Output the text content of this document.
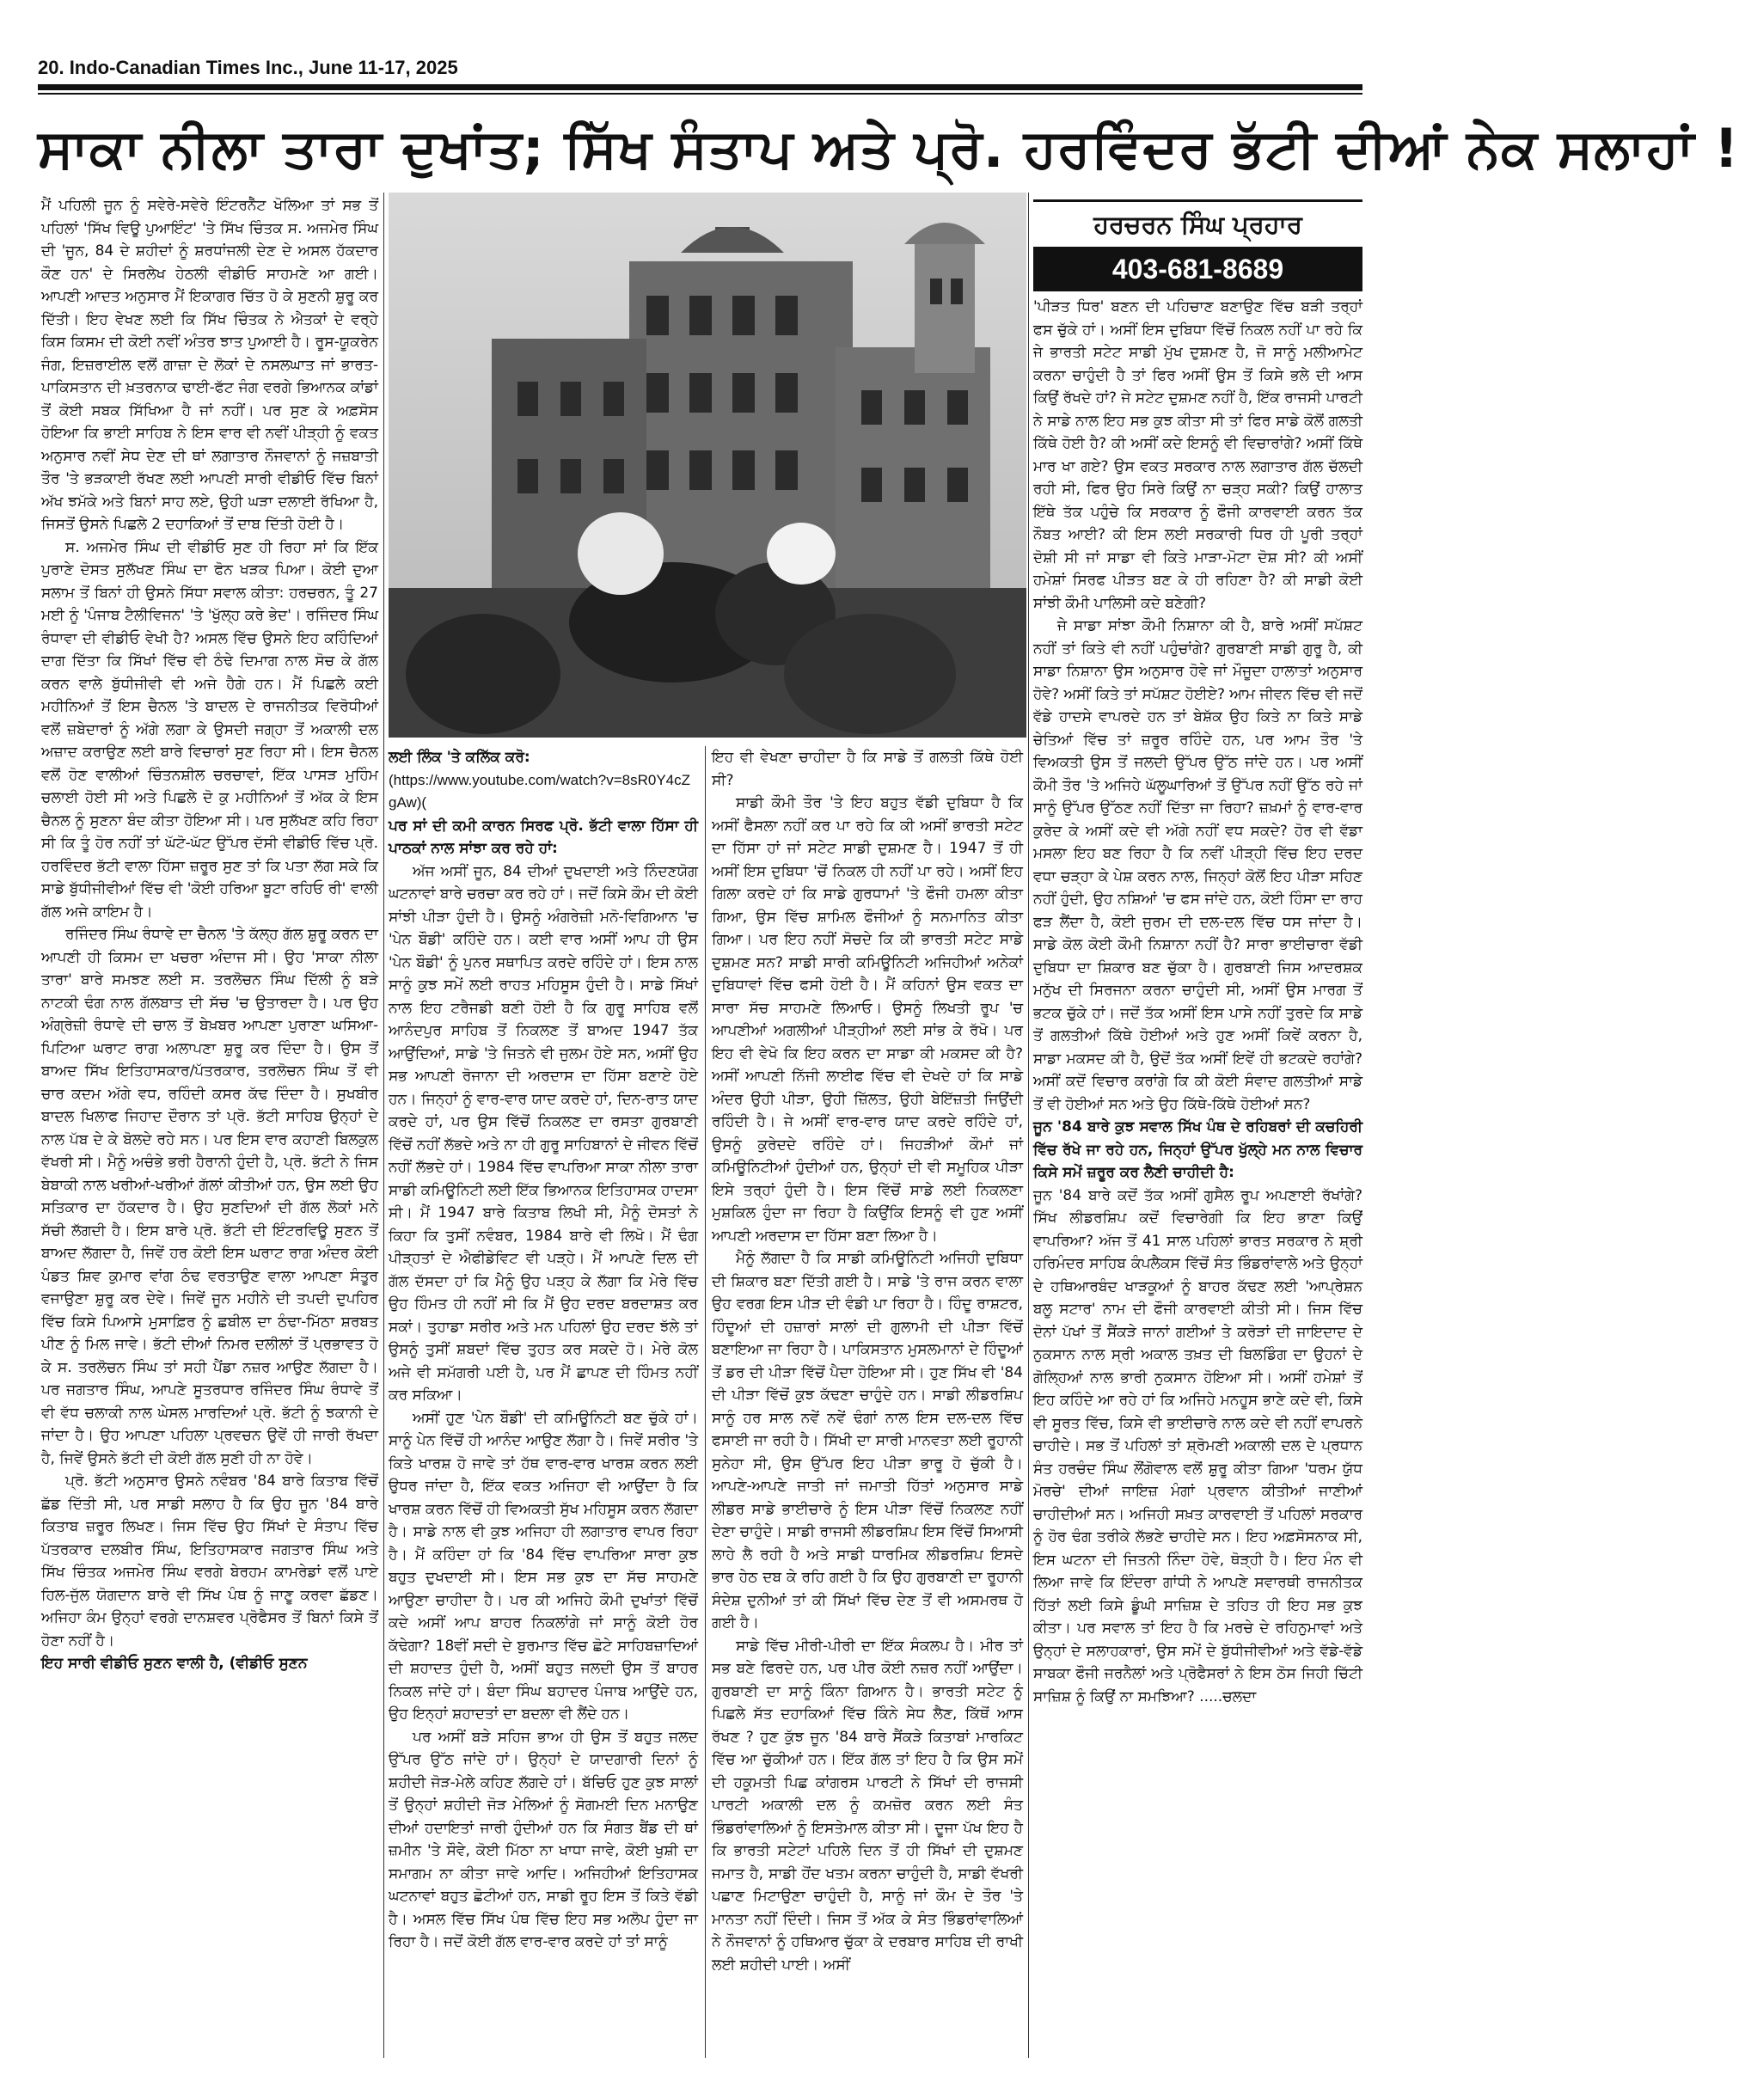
20. Indo-Canadian Times Inc., June 11-17, 2025
ਸਾਕਾ ਨੀਲਾ ਤਾਰਾ ਦੁਖਾਂਤ; ਸਿੱਖ ਸੰਤਾਪ ਅਤੇ ਪ੍ਰੋ. ਹਰਵਿੰਦਰ ਭੱਟੀ ਦੀਆਂ ਨੇਕ ਸਲਾਹਾਂ !

ਮੈਂ ਪਹਿਲੀ ਜੂਨ ਨੂੰ ਸਵੇਰੇ-ਸਵੇਰੇ ਇੰਟਰਨੈੱਟ ਖੋਲਿਆ ਤਾਂ ਸਭ ਤੋਂ ਪਹਿਲਾਂ 'ਸਿੱਖ ਵਿਊ ਪੁਆਇੰਟ' 'ਤੇ ਸਿੱਖ ਚਿੰਤਕ ਸ. ਅਜਮੇਰ ਸਿੰਘ ਦੀ 'ਜੂਨ, 84 ਦੇ ਸ਼ਹੀਦਾਂ ਨੂੰ ਸ਼ਰਧਾਂਜਲੀ ਦੇਣ ਦੇ ਅਸਲ ਹੱਕਦਾਰ ਕੌਣ ਹਨ' ਦੇ ਸਿਰਲੇਖ ਹੇਠਲੀ ਵੀਡੀਓ ਸਾਹਮਣੇ ਆ ਗਈ। ਆਪਣੀ ਆਦਤ ਅਨੁਸਾਰ ਮੈਂ ਇਕਾਗਰ ਚਿੱਤ ਹੋ ਕੇ ਸੁਣਨੀ ਸ਼ੁਰੂ ਕਰ ਦਿੱਤੀ। ਇਹ ਵੇਖਣ ਲਈ ਕਿ ਸਿੱਖ ਚਿੰਤਕ ਨੇ ਐਤਕਾਂ ਦੇ ਵਰ੍ਹੇ ਕਿਸ ਕਿਸਮ ਦੀ ਕੋਈ ਨਵੀਂ ਅੰਤਰ ਝਾਤ ਪੁਆਈ ਹੈ। ਰੂਸ-ਯੂਕਰੇਨ ਜੰਗ, ਇਜ਼ਰਾਈਲ ਵਲੋਂ ਗਾਜ਼ਾ ਦੇ ਲੋਕਾਂ ਦੇ ਨਸਲਘਾਤ ਜਾਂ ਭਾਰਤ-ਪਾਕਿਸਤਾਨ ਦੀ ਖ਼ਤਰਨਾਕ ਢਾਈ-ਫੱਟ ਜੰਗ ਵਰਗੇ ਭਿਆਨਕ ਕਾਂਡਾਂ ਤੋਂ ਕੋਈ ਸਬਕ ਸਿੱਖਿਆ ਹੈ ਜਾਂ ਨਹੀਂ। ਪਰ ਸੁਣ ਕੇ ਅਫ਼ਸੋਸ ਹੋਇਆ ਕਿ ਭਾਈ ਸਾਹਿਬ ਨੇ ਇਸ ਵਾਰ ਵੀ ਨਵੀਂ ਪੀੜ੍ਹੀ ਨੂੰ ਵਕਤ ਅਨੁਸਾਰ ਨਵੀਂ ਸੇਧ ਦੇਣ ਦੀ ਥਾਂ ਲਗਾਤਾਰ ਨੌਜਵਾਨਾਂ ਨੂੰ ਜਜ਼ਬਾਤੀ ਤੌਰ 'ਤੇ ਭੜਕਾਈ ਰੱਖਣ ਲਈ ਆਪਣੀ ਸਾਰੀ ਵੀਡੀਓ ਵਿੱਚ ਬਿਨਾਂ ਅੱਖ ਝਮੱਕੇ ਅਤੇ ਬਿਨਾਂ ਸਾਹ ਲਏ, ਉਹੀ ਘੜਾ ਦਲਾਈ ਰੱਖਿਆ ਹੈ, ਜਿਸਤੋਂ ਉਸਨੇ ਪਿਛਲੇ 2 ਦਹਾਕਿਆਂ ਤੋਂ ਦਾਬ ਦਿੱਤੀ ਹੋਈ ਹੈ।

ਸ. ਅਜਮੇਰ ਸਿੰਘ ਦੀ ਵੀਡੀਓ ਸੁਣ ਹੀ ਰਿਹਾ ਸਾਂ ਕਿ ਇੱਕ ਪੁਰਾਣੇ ਦੋਸਤ ਸੁਲੱਖਣ ਸਿੰਘ ਦਾ ਫੋਨ ਖੜਕ ਪਿਆ। ਕੋਈ ਦੁਆ ਸਲਾਮ ਤੋਂ ਬਿਨਾਂ ਹੀ ਉਸਨੇ ਸਿੱਧਾ ਸਵਾਲ ਕੀਤਾ: ਹਰਚਰਨ, ਤੂੰ 27 ਮਈ ਨੂੰ 'ਪੰਜਾਬ ਟੈਲੀਵਿਜਨ' 'ਤੇ 'ਖੁੱਲ੍ਹ ਕਰੇ ਭੇਦ'। ਰਜਿੰਦਰ ਸਿੰਘ ਰੰਧਾਵਾ ਦੀ ਵੀਡੀਓ ਵੇਖੀ ਹੈ? ਅਸਲ ਵਿੱਚ ਉਸਨੇ ਇਹ ਕਹਿੰਦਿਆਂ ਦਾਗ ਦਿੱਤਾ ਕਿ ਸਿੱਖਾਂ ਵਿੱਚ ਵੀ ਠੰਢੇ ਦਿਮਾਗ ਨਾਲ ਸੋਚ ਕੇ ਗੱਲ ਕਰਨ ਵਾਲੇ ਬੁੱਧੀਜੀਵੀ ਵੀ ਅਜੇ ਹੈਗੇ ਹਨ। ਮੈਂ ਪਿਛਲੇ ਕਈ ਮਹੀਨਿਆਂ ਤੋਂ ਇਸ ਚੈਨਲ 'ਤੇ ਬਾਦਲ ਦੇ ਰਾਜਨੀਤਕ ਵਿਰੋਧੀਆਂ ਵਲੋਂ ਜ਼ਬੇਦਾਰਾਂ ਨੂੰ ਅੱਗੇ ਲਗਾ ਕੇ ਉਸਦੀ ਜਗ੍ਹਾ ਤੋਂ ਅਕਾਲੀ ਦਲ ਅਜ਼ਾਦ ਕਰਾਉਣ ਲਈ ਬਾਰੇ ਵਿਚਾਰਾਂ ਸੁਣ ਰਿਹਾ ਸੀ। ਇਸ ਚੈਨਲ ਵਲੋਂ ਹੋਣ ਵਾਲੀਆਂ ਚਿੰਤਨਸ਼ੀਲ ਚਰਚਾਵਾਂ, ਇੱਕ ਪਾਸੜ ਮੁਹਿੰਮ ਚਲਾਈ ਹੋਈ ਸੀ ਅਤੇ ਪਿਛਲੇ ਦੋ ਕੁ ਮਹੀਨਿਆਂ ਤੋਂ ਅੱਕ ਕੇ ਇਸ ਚੈਨਲ ਨੂੰ ਸੁਣਨਾ ਬੰਦ ਕੀਤਾ ਹੋਇਆ ਸੀ। ਪਰ ਸੁਲੱਖਣ ਕਹਿ ਰਿਹਾ ਸੀ ਕਿ ਤੂੰ ਹੋਰ ਨਹੀਂ ਤਾਂ ਘੱਟੋ-ਘੱਟ ਉੱਪਰ ਦੱਸੀ ਵੀਡੀਓ ਵਿੱਚ ਪ੍ਰੋ. ਹਰਵਿੰਦਰ ਭੱਟੀ ਵਾਲਾ ਹਿੱਸਾ ਜ਼ਰੂਰ ਸੁਣ ਤਾਂ ਕਿ ਪਤਾ ਲੱਗ ਸਕੇ ਕਿ ਸਾਡੇ ਬੁੱਧੀਜੀਵੀਆਂ ਵਿੱਚ ਵੀ 'ਕੋਈ ਹਰਿਆ ਬੂਟਾ ਰਹਿਓ ਰੀ' ਵਾਲੀ ਗੱਲ ਅਜੇ ਕਾਇਮ ਹੈ।

ਰਜਿੰਦਰ ਸਿੰਘ ਰੰਧਾਵੇ ਦਾ ਚੈਨਲ 'ਤੇ ਕੱਲ੍ਹ ਗੱਲ ਸ਼ੁਰੂ ਕਰਨ ਦਾ ਆਪਣੀ ਹੀ ਕਿਸਮ ਦਾ ਖਚਰਾ ਅੰਦਾਜ ਸੀ। ਉਹ 'ਸਾਕਾ ਨੀਲਾ ਤਾਰਾ' ਬਾਰੇ ਸਮਝਣ ਲਈ ਸ. ਤਰਲੋਚਨ ਸਿੰਘ ਦਿੱਲੀ ਨੂੰ ਬੜੇ ਨਾਟਕੀ ਢੰਗ ਨਾਲ ਗੱਲਬਾਤ ਦੀ ਸੱਚ 'ਚ ਉਤਾਰਦਾ ਹੈ। ਪਰ ਉਹ ਅੰਗ੍ਰੇਜ਼ੀ ਰੰਧਾਵੇ ਦੀ ਚਾਲ ਤੋਂ ਬੇਖ਼ਬਰ ਆਪਣਾ ਪੁਰਾਣਾ ਘਸਿਆ-ਪਿਟਿਆ ਘਰਾਟ ਰਾਗ ਅਲਾਪਣਾ ਸ਼ੁਰੂ ਕਰ ਦਿੰਦਾ ਹੈ। ਉਸ ਤੋਂ ਬਾਅਦ ਸਿੱਖ ਇਤਿਹਾਸਕਾਰ/ਪੱਤਰਕਾਰ, ਤਰਲੋਚਨ ਸਿੰਘ ਤੋਂ ਵੀ ਚਾਰ ਕਦਮ ਅੱਗੇ ਵਧ, ਰਹਿੰਦੀ ਕਸਰ ਕੱਢ ਦਿੰਦਾ ਹੈ। ਸੁਖਬੀਰ ਬਾਦਲ ਖਿਲਾਫ ਜਿਹਾਦ ਦੌਰਾਨ ਤਾਂ ਪ੍ਰੋ. ਭੱਟੀ ਸਾਹਿਬ ਉਨ੍ਹਾਂ ਦੇ ਨਾਲ ਪੱਬ ਦੇ ਕੇ ਬੋਲਦੇ ਰਹੇ ਸਨ। ਪਰ ਇਸ ਵਾਰ ਕਹਾਣੀ ਬਿਲਕੁਲ ਵੱਖਰੀ ਸੀ। ਮੈਨੂੰ ਅਚੰਭੇ ਭਰੀ ਹੈਰਾਨੀ ਹੁੰਦੀ ਹੈ, ਪ੍ਰੋ. ਭੱਟੀ ਨੇ ਜਿਸ ਬੇਬਾਕੀ ਨਾਲ ਖਰੀਆਂ-ਖਰੀਆਂ ਗੱਲਾਂ ਕੀਤੀਆਂ ਹਨ, ਉਸ ਲਈ ਉਹ ਸਤਿਕਾਰ ਦਾ ਹੱਕਦਾਰ ਹੈ। ਉਹ ਸੁਣਦਿਆਂ ਦੀ ਗੱਲ ਲੋਕਾਂ ਮਨੇ ਸੱਚੀ ਲੱਗਦੀ ਹੈ। ਇਸ ਬਾਰੇ ਪ੍ਰੋ. ਭੱਟੀ ਦੀ ਇੰਟਰਵਿਊ ਸੁਣਨ ਤੋਂ ਬਾਅਦ ਲੱਗਦਾ ਹੈ, ਜਿਵੇਂ ਹਰ ਕੋਈ ਇਸ ਘਰਾਟ ਰਾਗ ਅੰਦਰ ਕੋਈ ਪੰਡਤ ਸ਼ਿਵ ਕੁਮਾਰ ਵਾਂਗ ਠੰਢ ਵਰਤਾਉਣ ਵਾਲਾ ਆਪਣਾ ਸੰਤੂਰ ਵਜਾਉਣਾ ਸ਼ੁਰੂ ਕਰ ਦੇਵੇ। ਜਿਵੇਂ ਜੂਨ ਮਹੀਨੇ ਦੀ ਤਪਦੀ ਦੁਪਹਿਰ ਵਿੱਚ ਕਿਸੇ ਪਿਆਸੇ ਮੁਸਾਫ਼ਿਰ ਨੂੰ ਛਬੀਲ ਦਾ ਠੰਢਾ-ਮਿੱਠਾ ਸ਼ਰਬਤ ਪੀਣ ਨੂੰ ਮਿਲ ਜਾਵੇ। ਭੱਟੀ ਦੀਆਂ ਨਿਮਰ ਦਲੀਲਾਂ ਤੋਂ ਪ੍ਰਭਾਵਤ ਹੋ ਕੇ ਸ. ਤਰਲੋਚਨ ਸਿੰਘ ਤਾਂ ਸਹੀ ਪੈਂਡਾ ਨਜ਼ਰ ਆਉਣ ਲੱਗਦਾ ਹੈ। ਪਰ ਜਗਤਾਰ ਸਿੰਘ, ਆਪਣੇ ਸੂਤਰਧਾਰ ਰਜਿੰਦਰ ਸਿੰਘ ਰੰਧਾਵੇ ਤੋਂ ਵੀ ਵੱਧ ਚਲਾਕੀ ਨਾਲ ਘੇਸਲ ਮਾਰਦਿਆਂ ਪ੍ਰੋ. ਭੱਟੀ ਨੂੰ ਝਕਾਨੀ ਦੇ ਜਾਂਦਾ ਹੈ। ਉਹ ਆਪਣਾ ਪਹਿਲਾ ਪ੍ਰਵਚਨ ਉਵੇਂ ਹੀ ਜਾਰੀ ਰੱਖਦਾ ਹੈ, ਜਿਵੇਂ ਉਸਨੇ ਭੱਟੀ ਦੀ ਕੋਈ ਗੱਲ ਸੁਣੀ ਹੀ ਨਾ ਹੋਵੇ।

ਪ੍ਰੋ. ਭੱਟੀ ਅਨੁਸਾਰ ਉਸਨੇ ਨਵੰਬਰ '84 ਬਾਰੇ ਕਿਤਾਬ ਵਿੱਚੋਂ ਛੱਡ ਦਿੱਤੀ ਸੀ, ਪਰ ਸਾਡੀ ਸਲਾਹ ਹੈ ਕਿ ਉਹ ਜੂਨ '84 ਬਾਰੇ ਕਿਤਾਬ ਜ਼ਰੂਰ ਲਿਖਣ। ਜਿਸ ਵਿੱਚ ਉਹ ਸਿੱਖਾਂ ਦੇ ਸੰਤਾਪ ਵਿੱਚ ਪੱਤਰਕਾਰ ਦਲਬੀਰ ਸਿੰਘ, ਇਤਿਹਾਸਕਾਰ ਜਗਤਾਰ ਸਿੰਘ ਅਤੇ ਸਿੱਖ ਚਿੰਤਕ ਅਜਮੇਰ ਸਿੰਘ ਵਰਗੇ ਬੇਰਹਮ ਕਾਮਰੇਡਾਂ ਵਲੋਂ ਪਾਏ ਹਿਲ-ਜੁੱਲ ਯੋਗਦਾਨ ਬਾਰੇ ਵੀ ਸਿੱਖ ਪੰਥ ਨੂੰ ਜਾਣੂ ਕਰਵਾ ਛੱਡਣ। ਅਜਿਹਾ ਕੰਮ ਉਨ੍ਹਾਂ ਵਰਗੇ ਦਾਨਸ਼ਵਰ ਪ੍ਰੋਫੈਸਰ ਤੋਂ ਬਿਨਾਂ ਕਿਸੇ ਤੋਂ ਹੋਣਾ ਨਹੀਂ ਹੈ।

ਇਹ ਸਾਰੀ ਵੀਡੀਓ ਸੁਣਨ ਵਾਲੀ ਹੈ, (ਵੀਡੀਓ ਸੁਣਨ

ਹਰਚਰਨ ਸਿੰਘ ਪ੍ਰਹਾਰ
403-681-8689

ਲਈ ਲਿੰਕ 'ਤੇ ਕਲਿੱਕ ਕਰੋ:

(https://www.youtube.com/watch?v=8sR0Y4cZgAw)(

ਪਰ ਸਾਂ ਦੀ ਕਮੀ ਕਾਰਨ ਸਿਰਫ ਪ੍ਰੋ. ਭੱਟੀ ਵਾਲਾ ਹਿੱਸਾ ਹੀ ਪਾਠਕਾਂ ਨਾਲ ਸਾਂਝਾ ਕਰ ਰਹੇ ਹਾਂ:

ਅੱਜ ਅਸੀਂ ਜੂਨ, 84 ਦੀਆਂ ਦੁਖਦਾਈ ਅਤੇ ਨਿੰਦਣਯੋਗ ਘਟਨਾਵਾਂ ਬਾਰੇ ਚਰਚਾ ਕਰ ਰਹੇ ਹਾਂ। ਜਦੋਂ ਕਿਸੇ ਕੌਮ ਦੀ ਕੋਈ ਸਾਂਝੀ ਪੀੜਾ ਹੁੰਦੀ ਹੈ। ਉਸਨੂੰ ਅੰਗਰੇਜ਼ੀ ਮਨੋ-ਵਿਗਿਆਨ 'ਚ 'ਪੇਨ ਬੌਡੀ' ਕਹਿੰਦੇ ਹਨ। ਕਈ ਵਾਰ ਅਸੀਂ ਆਪ ਹੀ ਉਸ 'ਪੇਨ ਬੌਡੀ' ਨੂੰ ਪੁਨਰ ਸਥਾਪਿਤ ਕਰਦੇ ਰਹਿੰਦੇ ਹਾਂ। ਇਸ ਨਾਲ ਸਾਨੂੰ ਕੁਝ ਸਮੇਂ ਲਈ ਰਾਹਤ ਮਹਿਸੂਸ ਹੁੰਦੀ ਹੈ। ਸਾਡੇ ਸਿੱਖਾਂ ਨਾਲ ਇਹ ਟਰੈਜਡੀ ਬਣੀ ਹੋਈ ਹੈ ਕਿ ਗੁਰੂ ਸਾਹਿਬ ਵਲੋਂ ਆਨੰਦਪੁਰ ਸਾਹਿਬ ਤੋਂ ਨਿਕਲਣ ਤੋਂ ਬਾਅਦ 1947 ਤੱਕ ਆਉਂਦਿਆਂ, ਸਾਡੇ 'ਤੇ ਜਿਤਨੇ ਵੀ ਜੁਲਮ ਹੋਏ ਸਨ, ਅਸੀਂ ਉਹ ਸਭ ਆਪਣੀ ਰੋਜਾਨਾ ਦੀ ਅਰਦਾਸ ਦਾ ਹਿੱਸਾ ਬਣਾਏ ਹੋਏ ਹਨ। ਜਿਨ੍ਹਾਂ ਨੂੰ ਵਾਰ-ਵਾਰ ਯਾਦ ਕਰਦੇ ਹਾਂ, ਦਿਨ-ਰਾਤ ਯਾਦ ਕਰਦੇ ਹਾਂ, ਪਰ ਉਸ ਵਿੱਚੋਂ ਨਿਕਲਣ ਦਾ ਰਸਤਾ ਗੁਰਬਾਣੀ ਵਿੱਚੋਂ ਨਹੀਂ ਲੱਭਦੇ ਅਤੇ ਨਾ ਹੀ ਗੁਰੂ ਸਾਹਿਬਾਨਾਂ ਦੇ ਜੀਵਨ ਵਿੱਚੋਂ ਨਹੀਂ ਲੱਭਦੇ ਹਾਂ। 1984 ਵਿੱਚ ਵਾਪਰਿਆ ਸਾਕਾ ਨੀਲਾ ਤਾਰਾ ਸਾਡੀ ਕਮਿਊਨਿਟੀ ਲਈ ਇੱਕ ਭਿਆਨਕ ਇਤਿਹਾਸਕ ਹਾਦਸਾ ਸੀ। ਮੈਂ 1947 ਬਾਰੇ ਕਿਤਾਬ ਲਿਖੀ ਸੀ, ਮੈਨੂੰ ਦੋਸਤਾਂ ਨੇ ਕਿਹਾ ਕਿ ਤੁਸੀਂ ਨਵੰਬਰ, 1984 ਬਾਰੇ ਵੀ ਲਿਖੋ। ਮੈਂ ਢੰਗ ਪੀੜ੍ਹਤਾਂ ਦੇ ਐਫੀਡੇਵਿਟ ਵੀ ਪੜ੍ਹੇ। ਮੈਂ ਆਪਣੇ ਦਿਲ ਦੀ ਗੱਲ ਦੱਸਦਾ ਹਾਂ ਕਿ ਮੈਨੂੰ ਉਹ ਪੜ੍ਹ ਕੇ ਲੱਗਾ ਕਿ ਮੇਰੇ ਵਿੱਚ ਉਹ ਹਿੰਮਤ ਹੀ ਨਹੀਂ ਸੀ ਕਿ ਮੈਂ ਉਹ ਦਰਦ ਬਰਦਾਸ਼ਤ ਕਰ ਸਕਾਂ। ਤੁਹਾਡਾ ਸਰੀਰ ਅਤੇ ਮਨ ਪਹਿਲਾਂ ਉਹ ਦਰਦ ਝੱਲੇ ਤਾਂ ਉਸਨੂੰ ਤੁਸੀਂ ਸ਼ਬਦਾਂ ਵਿੱਚ ਤੁਹਤ ਕਰ ਸਕਦੇ ਹੋ। ਮੇਰੇ ਕੋਲ ਅਜੇ ਵੀ ਸਮੱਗਰੀ ਪਈ ਹੈ, ਪਰ ਮੈਂ ਛਾਪਣ ਦੀ ਹਿੰਮਤ ਨਹੀਂ ਕਰ ਸਕਿਆ।

ਅਸੀਂ ਹੁਣ 'ਪੇਨ ਬੌਡੀ' ਦੀ ਕਮਿਊਨਿਟੀ ਬਣ ਚੁੱਕੇ ਹਾਂ। ਸਾਨੂੰ ਪੇਨ ਵਿੱਚੋਂ ਹੀ ਆਨੰਦ ਆਉਣ ਲੱਗਾ ਹੈ। ਜਿਵੇਂ ਸਰੀਰ 'ਤੇ ਕਿਤੇ ਖਾਰਸ਼ ਹੋ ਜਾਵੇ ਤਾਂ ਹੱਥ ਵਾਰ-ਵਾਰ ਖਾਰਸ਼ ਕਰਨ ਲਈ ਉਧਰ ਜਾਂਦਾ ਹੈ, ਇੱਕ ਵਕਤ ਅਜਿਹਾ ਵੀ ਆਉਂਦਾ ਹੈ ਕਿ ਖਾਰਸ਼ ਕਰਨ ਵਿੱਚੋਂ ਹੀ ਵਿਅਕਤੀ ਸੁੱਖ ਮਹਿਸੂਸ ਕਰਨ ਲੱਗਦਾ ਹੈ। ਸਾਡੇ ਨਾਲ ਵੀ ਕੁਝ ਅਜਿਹਾ ਹੀ ਲਗਾਤਾਰ ਵਾਪਰ ਰਿਹਾ ਹੈ। ਮੈਂ ਕਹਿੰਦਾ ਹਾਂ ਕਿ '84 ਵਿੱਚ ਵਾਪਰਿਆ ਸਾਰਾ ਕੁਝ ਬਹੁਤ ਦੁਖਦਾਈ ਸੀ। ਇਸ ਸਭ ਕੁਝ ਦਾ ਸੱਚ ਸਾਹਮਣੇ ਆਉਣਾ ਚਾਹੀਦਾ ਹੈ। ਪਰ ਕੀ ਅਜਿਹੇ ਕੌਮੀ ਦੁਖਾਂਤਾਂ ਵਿੱਚੋਂ ਕਦੇ ਅਸੀਂ ਆਪ ਬਾਹਰ ਨਿਕਲਾਂਗੇ ਜਾਂ ਸਾਨੂੰ ਕੋਈ ਹੋਰ ਕੱਢੇਗਾ? 18ਵੀਂ ਸਦੀ ਦੇ ਬੁਰਮਾਤ ਵਿੱਚ ਛੋਟੇ ਸਾਹਿਬਜ਼ਾਦਿਆਂ ਦੀ ਸ਼ਹਾਦਤ ਹੁੰਦੀ ਹੈ, ਅਸੀਂ ਬਹੁਤ ਜਲਦੀ ਉਸ ਤੋਂ ਬਾਹਰ ਨਿਕਲ ਜਾਂਦੇ ਹਾਂ। ਬੰਦਾ ਸਿੰਘ ਬਹਾਦਰ ਪੰਜਾਬ ਆਉਂਦੇ ਹਨ, ਉਹ ਇਨ੍ਹਾਂ ਸ਼ਹਾਦਤਾਂ ਦਾ ਬਦਲਾ ਵੀ ਲੈਂਦੇ ਹਨ।

ਪਰ ਅਸੀਂ ਬੜੇ ਸਹਿਜ ਭਾਅ ਹੀ ਉਸ ਤੋਂ ਬਹੁਤ ਜਲਦ ਉੱਪਰ ਉੱਠ ਜਾਂਦੇ ਹਾਂ। ਉਨ੍ਹਾਂ ਦੇ ਯਾਦਗਾਰੀ ਦਿਨਾਂ ਨੂੰ ਸ਼ਹੀਦੀ ਜੋੜ-ਮੇਲੇ ਕਹਿਣ ਲੱਗਦੇ ਹਾਂ। ਬੱਚਿਓ ਹੁਣ ਕੁਝ ਸਾਲਾਂ ਤੋਂ ਉਨ੍ਹਾਂ ਸ਼ਹੀਦੀ ਜੋੜ ਮੇਲਿਆਂ ਨੂੰ ਸੋਗਮਈ ਦਿਨ ਮਨਾਉਣ ਦੀਆਂ ਹਦਾਇਤਾਂ ਜਾਰੀ ਹੁੰਦੀਆਂ ਹਨ ਕਿ ਸੰਗਤ ਬੈਂਡ ਦੀ ਥਾਂ ਜ਼ਮੀਨ 'ਤੇ ਸੌਵੇ, ਕੋਈ ਮਿੱਠਾ ਨਾ ਖਾਧਾ ਜਾਵੇ, ਕੋਈ ਖੁਸ਼ੀ ਦਾ ਸਮਾਗਮ ਨਾ ਕੀਤਾ ਜਾਵੇ ਆਦਿ। ਅਜਿਹੀਆਂ ਇਤਿਹਾਸਕ ਘਟਨਾਵਾਂ ਬਹੁਤ ਛੋਟੀਆਂ ਹਨ, ਸਾਡੀ ਰੂਹ ਇਸ ਤੋਂ ਕਿਤੇ ਵੱਡੀ ਹੈ। ਅਸਲ ਵਿੱਚ ਸਿੱਖ ਪੰਥ ਵਿੱਚ ਇਹ ਸਭ ਅਲੋਪ ਹੁੰਦਾ ਜਾ ਰਿਹਾ ਹੈ। ਜਦੋਂ ਕੋਈ ਗੱਲ ਵਾਰ-ਵਾਰ ਕਰਦੇ ਹਾਂ ਤਾਂ ਸਾਨੂੰ

ਇਹ ਵੀ ਵੇਖਣਾ ਚਾਹੀਦਾ ਹੈ ਕਿ ਸਾਡੇ ਤੋਂ ਗਲਤੀ ਕਿੱਥੇ ਹੋਈ ਸੀ?

ਸਾਡੀ ਕੌਮੀ ਤੌਰ 'ਤੇ ਇਹ ਬਹੁਤ ਵੱਡੀ ਦੁਬਿਧਾ ਹੈ ਕਿ ਅਸੀਂ ਫੈਸਲਾ ਨਹੀਂ ਕਰ ਪਾ ਰਹੇ ਕਿ ਕੀ ਅਸੀਂ ਭਾਰਤੀ ਸਟੇਟ ਦਾ ਹਿੱਸਾ ਹਾਂ ਜਾਂ ਸਟੇਟ ਸਾਡੀ ਦੁਸ਼ਮਣ ਹੈ। 1947 ਤੋਂ ਹੀ ਅਸੀਂ ਇਸ ਦੁਬਿਧਾ 'ਚੋਂ ਨਿਕਲ ਹੀ ਨਹੀਂ ਪਾ ਰਹੇ। ਅਸੀਂ ਇਹ ਗਿਲਾ ਕਰਦੇ ਹਾਂ ਕਿ ਸਾਡੇ ਗੁਰਧਾਮਾਂ 'ਤੇ ਫੌਜੀ ਹਮਲਾ ਕੀਤਾ ਗਿਆ, ਉਸ ਵਿੱਚ ਸ਼ਾਮਿਲ ਫੌਜੀਆਂ ਨੂੰ ਸਨਮਾਨਿਤ ਕੀਤਾ ਗਿਆ। ਪਰ ਇਹ ਨਹੀਂ ਸੋਚਦੇ ਕਿ ਕੀ ਭਾਰਤੀ ਸਟੇਟ ਸਾਡੇ ਦੁਸ਼ਮਣ ਸਨ? ਸਾਡੀ ਸਾਰੀ ਕਮਿਊਨਿਟੀ ਅਜਿਹੀਆਂ ਅਨੇਕਾਂ ਦੁਬਿਧਾਵਾਂ ਵਿੱਚ ਫਸੀ ਹੋਈ ਹੈ। ਮੈਂ ਕਹਿਨਾਂ ਉਸ ਵਕਤ ਦਾ ਸਾਰਾ ਸੱਚ ਸਾਹਮਣੇ ਲਿਆਓ। ਉਸਨੂੰ ਲਿਖਤੀ ਰੂਪ 'ਚ ਆਪਣੀਆਂ ਅਗਲੀਆਂ ਪੀੜ੍ਹੀਆਂ ਲਈ ਸਾਂਭ ਕੇ ਰੱਖੋ। ਪਰ ਇਹ ਵੀ ਵੇਖੋ ਕਿ ਇਹ ਕਰਨ ਦਾ ਸਾਡਾ ਕੀ ਮਕਸਦ ਕੀ ਹੈ? ਅਸੀਂ ਆਪਣੀ ਨਿੱਜੀ ਲਾਈਫ ਵਿੱਚ ਵੀ ਦੇਖਦੇ ਹਾਂ ਕਿ ਸਾਡੇ ਅੰਦਰ ਉਹੀ ਪੀੜਾ, ਉਹੀ ਜ਼ਿੱਲਤ, ਉਹੀ ਬੇਇੱਜ਼ਤੀ ਜਿਉਂਦੀ ਰਹਿੰਦੀ ਹੈ। ਜੇ ਅਸੀਂ ਵਾਰ-ਵਾਰ ਯਾਦ ਕਰਦੇ ਰਹਿੰਦੇ ਹਾਂ, ਉਸਨੂੰ ਕੁਰੇਦਦੇ ਰਹਿੰਦੇ ਹਾਂ। ਜਿਹੜੀਆਂ ਕੌਮਾਂ ਜਾਂ ਕਮਿਊਨਿਟੀਆਂ ਹੁੰਦੀਆਂ ਹਨ, ਉਨ੍ਹਾਂ ਦੀ ਵੀ ਸਮੂਹਿਕ ਪੀੜਾ ਇਸੇ ਤਰ੍ਹਾਂ ਹੁੰਦੀ ਹੈ। ਇਸ ਵਿੱਚੋਂ ਸਾਡੇ ਲਈ ਨਿਕਲਣਾ ਮੁਸ਼ਕਿਲ ਹੁੰਦਾ ਜਾ ਰਿਹਾ ਹੈ ਕਿਉਂਕਿ ਇਸਨੂੰ ਵੀ ਹੁਣ ਅਸੀਂ ਆਪਣੀ ਅਰਦਾਸ ਦਾ ਹਿੱਸਾ ਬਣਾ ਲਿਆ ਹੈ।

ਮੈਨੂੰ ਲੱਗਦਾ ਹੈ ਕਿ ਸਾਡੀ ਕਮਿਊਨਿਟੀ ਅਜਿਹੀ ਦੁਬਿਧਾ ਦੀ ਸ਼ਿਕਾਰ ਬਣਾ ਦਿੱਤੀ ਗਈ ਹੈ। ਸਾਡੇ 'ਤੇ ਰਾਜ ਕਰਨ ਵਾਲਾ ਉਹ ਵਰਗ ਇਸ ਪੀੜ ਦੀ ਵੰਡੀ ਪਾ ਰਿਹਾ ਹੈ। ਹਿੰਦੂ ਰਾਸ਼ਟਰ, ਹਿੰਦੂਆਂ ਦੀ ਹਜ਼ਾਰਾਂ ਸਾਲਾਂ ਦੀ ਗੁਲਾਮੀ ਦੀ ਪੀੜਾ ਵਿੱਚੋਂ ਬਣਾਇਆ ਜਾ ਰਿਹਾ ਹੈ। ਪਾਕਿਸਤਾਨ ਮੁਸਲਮਾਨਾਂ ਦੇ ਹਿੰਦੂਆਂ ਤੋਂ ਡਰ ਦੀ ਪੀੜਾ ਵਿੱਚੋਂ ਪੈਦਾ ਹੋਇਆ ਸੀ। ਹੁਣ ਸਿੱਖ ਵੀ '84 ਦੀ ਪੀੜਾ ਵਿੱਚੋਂ ਕੁਝ ਕੱਢਣਾ ਚਾਹੁੰਦੇ ਹਨ। ਸਾਡੀ ਲੀਡਰਸ਼ਿਪ ਸਾਨੂੰ ਹਰ ਸਾਲ ਨਵੇਂ ਨਵੇਂ ਢੰਗਾਂ ਨਾਲ ਇਸ ਦਲ-ਦਲ ਵਿੱਚ ਫਸਾਈ ਜਾ ਰਹੀ ਹੈ। ਸਿੱਖੀ ਦਾ ਸਾਰੀ ਮਾਨਵਤਾ ਲਈ ਰੂਹਾਨੀ ਸੁਨੇਹਾ ਸੀ, ਉਸ ਉੱਪਰ ਇਹ ਪੀੜਾ ਭਾਰੂ ਹੋ ਚੁੱਕੀ ਹੈ। ਆਪਣੇ-ਆਪਣੇ ਜਾਤੀ ਜਾਂ ਜਮਾਤੀ ਹਿੱਤਾਂ ਅਨੁਸਾਰ ਸਾਡੇ ਲੀਡਰ ਸਾਡੇ ਭਾਈਚਾਰੇ ਨੂੰ ਇਸ ਪੀੜਾ ਵਿੱਚੋਂ ਨਿਕਲਣ ਨਹੀਂ ਦੇਣਾ ਚਾਹੁੰਦੇ। ਸਾਡੀ ਰਾਜਸੀ ਲੀਡਰਸ਼ਿਪ ਇਸ ਵਿੱਚੋਂ ਸਿਆਸੀ ਲਾਹੇ ਲੈ ਰਹੀ ਹੈ ਅਤੇ ਸਾਡੀ ਧਾਰਮਿਕ ਲੀਡਰਸ਼ਿਪ ਇਸਦੇ ਭਾਰ ਹੇਠ ਦਬ ਕੇ ਰਹਿ ਗਈ ਹੈ ਕਿ ਉਹ ਗੁਰਬਾਣੀ ਦਾ ਰੂਹਾਨੀ ਸੰਦੇਸ਼ ਦੁਨੀਆਂ ਤਾਂ ਕੀ ਸਿੱਖਾਂ ਵਿੱਚ ਦੇਣ ਤੋਂ ਵੀ ਅਸਮਰਥ ਹੋ ਗਈ ਹੈ।

ਸਾਡੇ ਵਿੱਚ ਮੀਰੀ-ਪੀਰੀ ਦਾ ਇੱਕ ਸੰਕਲਪ ਹੈ। ਮੀਰ ਤਾਂ ਸਭ ਬਣੇ ਫਿਰਦੇ ਹਨ, ਪਰ ਪੀਰ ਕੋਈ ਨਜ਼ਰ ਨਹੀਂ ਆਉਂਦਾ। ਗੁਰਬਾਣੀ ਦਾ ਸਾਨੂੰ ਕਿੰਨਾ ਗਿਆਨ ਹੈ। ਭਾਰਤੀ ਸਟੇਟ ਨੂੰ ਪਿਛਲੇ ਸੱਤ ਦਹਾਕਿਆਂ ਵਿੱਚ ਕਿੰਨੇ ਸੇਧ ਲੈਣ, ਕਿੱਥੋਂ ਆਸ ਰੱਖਣ ? ਹੁਣ ਕੁੱਝ ਜੂਨ '84 ਬਾਰੇ ਸੈਂਕੜੇ ਕਿਤਾਬਾਂ ਮਾਰਕਿਟ ਵਿੱਚ ਆ ਚੁੱਕੀਆਂ ਹਨ। ਇੱਕ ਗੱਲ ਤਾਂ ਇਹ ਹੈ ਕਿ ਉਸ ਸਮੇਂ ਦੀ ਹਕੂਮਤੀ ਪਿਛ ਕਾਂਗਰਸ ਪਾਰਟੀ ਨੇ ਸਿੱਖਾਂ ਦੀ ਰਾਜਸੀ ਪਾਰਟੀ ਅਕਾਲੀ ਦਲ ਨੂੰ ਕਮਜ਼ੋਰ ਕਰਨ ਲਈ ਸੰਤ ਭਿੰਡਰਾਂਵਾਲਿਆਂ ਨੂੰ ਇਸਤੇਮਾਲ ਕੀਤਾ ਸੀ। ਦੂਜਾ ਪੱਖ ਇਹ ਹੈ ਕਿ ਭਾਰਤੀ ਸਟੇਟਾਂ ਪਹਿਲੇ ਦਿਨ ਤੋਂ ਹੀ ਸਿੱਖਾਂ ਦੀ ਦੁਸ਼ਮਣ ਜਮਾਤ ਹੈ, ਸਾਡੀ ਹੋਂਦ ਖਤਮ ਕਰਨਾ ਚਾਹੁੰਦੀ ਹੈ, ਸਾਡੀ ਵੱਖਰੀ ਪਛਾਣ ਮਿਟਾਉਣਾ ਚਾਹੁੰਦੀ ਹੈ, ਸਾਨੂੰ ਜਾਂ ਕੌਮ ਦੇ ਤੌਰ 'ਤੇ ਮਾਨਤਾ ਨਹੀਂ ਦਿੰਦੀ। ਜਿਸ ਤੋਂ ਅੱਕ ਕੇ ਸੰਤ ਭਿੰਡਰਾਂਵਾਲਿਆਂ ਨੇ ਨੌਜਵਾਨਾਂ ਨੂੰ ਹਥਿਆਰ ਚੁੱਕਾ ਕੇ ਦਰਬਾਰ ਸਾਹਿਬ ਦੀ ਰਾਖੀ ਲਈ ਸ਼ਹੀਦੀ ਪਾਈ। ਅਸੀਂ

'ਪੀੜਤ ਧਿਰ' ਬਣਨ ਦੀ ਪਹਿਚਾਣ ਬਣਾਉਣ ਵਿੱਚ ਬੜੀ ਤਰ੍ਹਾਂ ਫਸ ਚੁੱਕੇ ਹਾਂ। ਅਸੀਂ ਇਸ ਦੁਬਿਧਾ ਵਿੱਚੋਂ ਨਿਕਲ ਨਹੀਂ ਪਾ ਰਹੇ ਕਿ ਜੇ ਭਾਰਤੀ ਸਟੇਟ ਸਾਡੀ ਮੁੱਖ ਦੁਸ਼ਮਣ ਹੈ, ਜੋ ਸਾਨੂੰ ਮਲੀਆਮੇਟ ਕਰਨਾ ਚਾਹੁੰਦੀ ਹੈ ਤਾਂ ਫਿਰ ਅਸੀਂ ਉਸ ਤੋਂ ਕਿਸੇ ਭਲੇ ਦੀ ਆਸ ਕਿਉਂ ਰੱਖਦੇ ਹਾਂ? ਜੇ ਸਟੇਟ ਦੁਸ਼ਮਣ ਨਹੀਂ ਹੈ, ਇੱਕ ਰਾਜਸੀ ਪਾਰਟੀ ਨੇ ਸਾਡੇ ਨਾਲ ਇਹ ਸਭ ਕੁਝ ਕੀਤਾ ਸੀ ਤਾਂ ਫਿਰ ਸਾਡੇ ਕੋਲੋਂ ਗਲਤੀ ਕਿੱਥੇ ਹੋਈ ਹੈ? ਕੀ ਅਸੀਂ ਕਦੇ ਇਸਨੂੰ ਵੀ ਵਿਚਾਰਾਂਗੇ? ਅਸੀਂ ਕਿੱਥੇ ਮਾਰ ਖਾ ਗਏ? ਉਸ ਵਕਤ ਸਰਕਾਰ ਨਾਲ ਲਗਾਤਾਰ ਗੱਲ ਚੱਲਦੀ ਰਹੀ ਸੀ, ਫਿਰ ਉਹ ਸਿਰੇ ਕਿਉਂ ਨਾ ਚੜ੍ਹ ਸਕੀ? ਕਿਉਂ ਹਾਲਾਤ ਇੱਥੇ ਤੱਕ ਪਹੁੰਚੇ ਕਿ ਸਰਕਾਰ ਨੂੰ ਫੌਜੀ ਕਾਰਵਾਈ ਕਰਨ ਤੱਕ ਨੌਬਤ ਆਈ? ਕੀ ਇਸ ਲਈ ਸਰਕਾਰੀ ਧਿਰ ਹੀ ਪੂਰੀ ਤਰ੍ਹਾਂ ਦੋਸ਼ੀ ਸੀ ਜਾਂ ਸਾਡਾ ਵੀ ਕਿਤੇ ਮਾੜਾ-ਮੋਟਾ ਦੋਸ਼ ਸੀ? ਕੀ ਅਸੀਂ ਹਮੇਸ਼ਾਂ ਸਿਰਫ ਪੀੜਤ ਬਣ ਕੇ ਹੀ ਰਹਿਣਾ ਹੈ? ਕੀ ਸਾਡੀ ਕੋਈ ਸਾਂਝੀ ਕੌਮੀ ਪਾਲਿਸੀ ਕਦੇ ਬਣੇਗੀ?

ਜੇ ਸਾਡਾ ਸਾਂਝਾ ਕੌਮੀ ਨਿਸ਼ਾਨਾ ਕੀ ਹੈ, ਬਾਰੇ ਅਸੀਂ ਸਪੱਸ਼ਟ ਨਹੀਂ ਤਾਂ ਕਿਤੇ ਵੀ ਨਹੀਂ ਪਹੁੰਚਾਂਗੇ? ਗੁਰਬਾਣੀ ਸਾਡੀ ਗੁਰੂ ਹੈ, ਕੀ ਸਾਡਾ ਨਿਸ਼ਾਨਾ ਉਸ ਅਨੁਸਾਰ ਹੋਵੇ ਜਾਂ ਮੌਜੂਦਾ ਹਾਲਾਤਾਂ ਅਨੁਸਾਰ ਹੋਵੇ? ਅਸੀਂ ਕਿਤੇ ਤਾਂ ਸਪੱਸ਼ਟ ਹੋਈਏ? ਆਮ ਜੀਵਨ ਵਿੱਚ ਵੀ ਜਦੋਂ ਵੱਡੇ ਹਾਦਸੇ ਵਾਪਰਦੇ ਹਨ ਤਾਂ ਬੇਸ਼ੱਕ ਉਹ ਕਿਤੇ ਨਾ ਕਿਤੇ ਸਾਡੇ ਚੇਤਿਆਂ ਵਿੱਚ ਤਾਂ ਜ਼ਰੂਰ ਰਹਿੰਦੇ ਹਨ, ਪਰ ਆਮ ਤੌਰ 'ਤੇ ਵਿਅਕਤੀ ਉਸ ਤੋਂ ਜਲਦੀ ਉੱਪਰ ਉੱਠ ਜਾਂਦੇ ਹਨ। ਪਰ ਅਸੀਂ ਕੌਮੀ ਤੌਰ 'ਤੇ ਅਜਿਹੇ ਘੱਲੂਘਾਰਿਆਂ ਤੋਂ ਉੱਪਰ ਨਹੀਂ ਉੱਠ ਰਹੇ ਜਾਂ ਸਾਨੂੰ ਉੱਪਰ ਉੱਠਣ ਨਹੀਂ ਦਿੱਤਾ ਜਾ ਰਿਹਾ? ਜ਼ਖ਼ਮਾਂ ਨੂੰ ਵਾਰ-ਵਾਰ ਕੁਰੇਦ ਕੇ ਅਸੀਂ ਕਦੇ ਵੀ ਅੱਗੇ ਨਹੀਂ ਵਧ ਸਕਦੇ? ਹੋਰ ਵੀ ਵੱਡਾ ਮਸਲਾ ਇਹ ਬਣ ਰਿਹਾ ਹੈ ਕਿ ਨਵੀਂ ਪੀੜ੍ਹੀ ਵਿੱਚ ਇਹ ਦਰਦ ਵਧਾ ਚੜ੍ਹਾ ਕੇ ਪੇਸ਼ ਕਰਨ ਨਾਲ, ਜਿਨ੍ਹਾਂ ਕੋਲੋਂ ਇਹ ਪੀੜਾ ਸਹਿਣ ਨਹੀਂ ਹੁੰਦੀ, ਉਹ ਨਸ਼ਿਆਂ 'ਚ ਫਸ ਜਾਂਦੇ ਹਨ, ਕੋਈ ਹਿੰਸਾ ਦਾ ਰਾਹ ਫੜ ਲੈਂਦਾ ਹੈ, ਕੋਈ ਜੁਰਮ ਦੀ ਦਲ-ਦਲ ਵਿੱਚ ਧਸ ਜਾਂਦਾ ਹੈ। ਸਾਡੇ ਕੋਲ ਕੋਈ ਕੌਮੀ ਨਿਸ਼ਾਨਾ ਨਹੀਂ ਹੈ? ਸਾਰਾ ਭਾਈਚਾਰਾ ਵੱਡੀ ਦੁਬਿਧਾ ਦਾ ਸ਼ਿਕਾਰ ਬਣ ਚੁੱਕਾ ਹੈ। ਗੁਰਬਾਣੀ ਜਿਸ ਆਦਰਸ਼ਕ ਮਨੁੱਖ ਦੀ ਸਿਰਜਨਾ ਕਰਨਾ ਚਾਹੁੰਦੀ ਸੀ, ਅਸੀਂ ਉਸ ਮਾਰਗ ਤੋਂ ਭਟਕ ਚੁੱਕੇ ਹਾਂ। ਜਦੋਂ ਤੱਕ ਅਸੀਂ ਇਸ ਪਾਸੇ ਨਹੀਂ ਤੁਰਦੇ ਕਿ ਸਾਡੇ ਤੋਂ ਗਲਤੀਆਂ ਕਿੱਥੇ ਹੋਈਆਂ ਅਤੇ ਹੁਣ ਅਸੀਂ ਕਿਵੇਂ ਕਰਨਾ ਹੈ, ਸਾਡਾ ਮਕਸਦ ਕੀ ਹੈ, ਉਦੋਂ ਤੱਕ ਅਸੀਂ ਇਵੇਂ ਹੀ ਭਟਕਦੇ ਰਹਾਂਗੇ? ਅਸੀਂ ਕਦੋਂ ਵਿਚਾਰ ਕਰਾਂਗੇ ਕਿ ਕੀ ਕੋਈ ਸੰਵਾਦ ਗਲਤੀਆਂ ਸਾਡੇ ਤੋਂ ਵੀ ਹੋਈਆਂ ਸਨ ਅਤੇ ਉਹ ਕਿੱਥੇ-ਕਿੱਥੇ ਹੋਈਆਂ ਸਨ?

ਜੂਨ '84 ਬਾਰੇ ਕੁਝ ਸਵਾਲ ਸਿੱਖ ਪੰਥ ਦੇ ਰਹਿਬਰਾਂ ਦੀ ਕਚਹਿਰੀ ਵਿੱਚ ਰੱਖੇ ਜਾ ਰਹੇ ਹਨ, ਜਿਨ੍ਹਾਂ ਉੱਪਰ ਖੁੱਲ੍ਹੇ ਮਨ ਨਾਲ ਵਿਚਾਰ ਕਿਸੇ ਸਮੇਂ ਜ਼ਰੂਰ ਕਰ ਲੈਣੀ ਚਾਹੀਦੀ ਹੈ:

ਜੂਨ '84 ਬਾਰੇ ਕਦੋਂ ਤੱਕ ਅਸੀਂ ਗੁਸੈਲ ਰੂਪ ਅਪਣਾਈ ਰੱਖਾਂਗੇ? ਸਿੱਖ ਲੀਡਰਸ਼ਿਪ ਕਦੋਂ ਵਿਚਾਰੇਗੀ ਕਿ ਇਹ ਭਾਣਾ ਕਿਉਂ ਵਾਪਰਿਆ? ਅੱਜ ਤੋਂ 41 ਸਾਲ ਪਹਿਲਾਂ ਭਾਰਤ ਸਰਕਾਰ ਨੇ ਸ਼੍ਰੀ ਹਰਿਮੰਦਰ ਸਾਹਿਬ ਕੰਪਲੈਕਸ ਵਿੱਚੋਂ ਸੰਤ ਭਿੰਡਰਾਂਵਾਲੇ ਅਤੇ ਉਨ੍ਹਾਂ ਦੇ ਹਥਿਆਰਬੰਦ ਖਾੜਕੂਆਂ ਨੂੰ ਬਾਹਰ ਕੱਢਣ ਲਈ 'ਆਪ੍ਰੇਸ਼ਨ ਬਲੂ ਸਟਾਰ' ਨਾਮ ਦੀ ਫੌਜੀ ਕਾਰਵਾਈ ਕੀਤੀ ਸੀ। ਜਿਸ ਵਿੱਚ ਦੋਨਾਂ ਪੱਖਾਂ ਤੋਂ ਸੈਂਕੜੇ ਜਾਨਾਂ ਗਈਆਂ ਤੇ ਕਰੋੜਾਂ ਦੀ ਜਾਇਦਾਦ ਦੇ ਨੁਕਸਾਨ ਨਾਲ ਸ੍ਰੀ ਅਕਾਲ ਤਖ਼ਤ ਦੀ ਬਿਲਡਿੰਗ ਦਾ ਉਹਨਾਂ ਦੇ ਗੋਲ੍ਹਿਆਂ ਨਾਲ ਭਾਰੀ ਨੁਕਸਾਨ ਹੋਇਆ ਸੀ। ਅਸੀਂ ਹਮੇਸ਼ਾਂ ਤੋਂ ਇਹ ਕਹਿੰਦੇ ਆ ਰਹੇ ਹਾਂ ਕਿ ਅਜਿਹੇ ਮਨਹੂਸ ਭਾਣੇ ਕਦੇ ਵੀ, ਕਿਸੇ ਵੀ ਸੂਰਤ ਵਿੱਚ, ਕਿਸੇ ਵੀ ਭਾਈਚਾਰੇ ਨਾਲ ਕਦੇ ਵੀ ਨਹੀਂ ਵਾਪਰਨੇ ਚਾਹੀਦੇ। ਸਭ ਤੋਂ ਪਹਿਲਾਂ ਤਾਂ ਸ਼੍ਰੋਮਣੀ ਅਕਾਲੀ ਦਲ ਦੇ ਪ੍ਰਧਾਨ ਸੰਤ ਹਰਚੰਦ ਸਿੰਘ ਲੌਂਗੋਵਾਲ ਵਲੋਂ ਸ਼ੁਰੂ ਕੀਤਾ ਗਿਆ 'ਧਰਮ ਯੁੱਧ ਮੋਰਚੇ' ਦੀਆਂ ਜਾਇਜ਼ ਮੰਗਾਂ ਪ੍ਰਵਾਨ ਕੀਤੀਆਂ ਜਾਣੀਆਂ ਚਾਹੀਦੀਆਂ ਸਨ। ਅਜਿਹੀ ਸਖ਼ਤ ਕਾਰਵਾਈ ਤੋਂ ਪਹਿਲਾਂ ਸਰਕਾਰ ਨੂੰ ਹੋਰ ਢੰਗ ਤਰੀਕੇ ਲੱਭਣੇ ਚਾਹੀਦੇ ਸਨ। ਇਹ ਅਫ਼ਸੋਸਨਾਕ ਸੀ, ਇਸ ਘਟਨਾ ਦੀ ਜਿਤਨੀ ਨਿੰਦਾ ਹੋਵੇ, ਥੋੜ੍ਹੀ ਹੈ। ਇਹ ਮੰਨ ਵੀ ਲਿਆ ਜਾਵੇ ਕਿ ਇੰਦਰਾ ਗਾਂਧੀ ਨੇ ਆਪਣੇ ਸਵਾਰਥੀ ਰਾਜਨੀਤਕ ਹਿੱਤਾਂ ਲਈ ਕਿਸੇ ਡੂੰਘੀ ਸਾਜ਼ਿਸ਼ ਦੇ ਤਹਿਤ ਹੀ ਇਹ ਸਭ ਕੁਝ ਕੀਤਾ। ਪਰ ਸਵਾਲ ਤਾਂ ਇਹ ਹੈ ਕਿ ਮਰਚੇ ਦੇ ਰਹਿਨੁਮਾਵਾਂ ਅਤੇ ਉਨ੍ਹਾਂ ਦੇ ਸਲਾਹਕਾਰਾਂ, ਉਸ ਸਮੇਂ ਦੇ ਬੁੱਧੀਜੀਵੀਆਂ ਅਤੇ ਵੱਡੇ-ਵੱਡੇ ਸਾਬਕਾ ਫੌਜੀ ਜਰਨੈਲਾਂ ਅਤੇ ਪ੍ਰੋਫੈਸਰਾਂ ਨੇ ਇਸ ਠੋਸ ਜਿਹੀ ਚਿੱਟੀ ਸਾਜ਼ਿਸ਼ ਨੂੰ ਕਿਉਂ ਨਾ ਸਮਝਿਆ? .....ਚਲਦਾ
